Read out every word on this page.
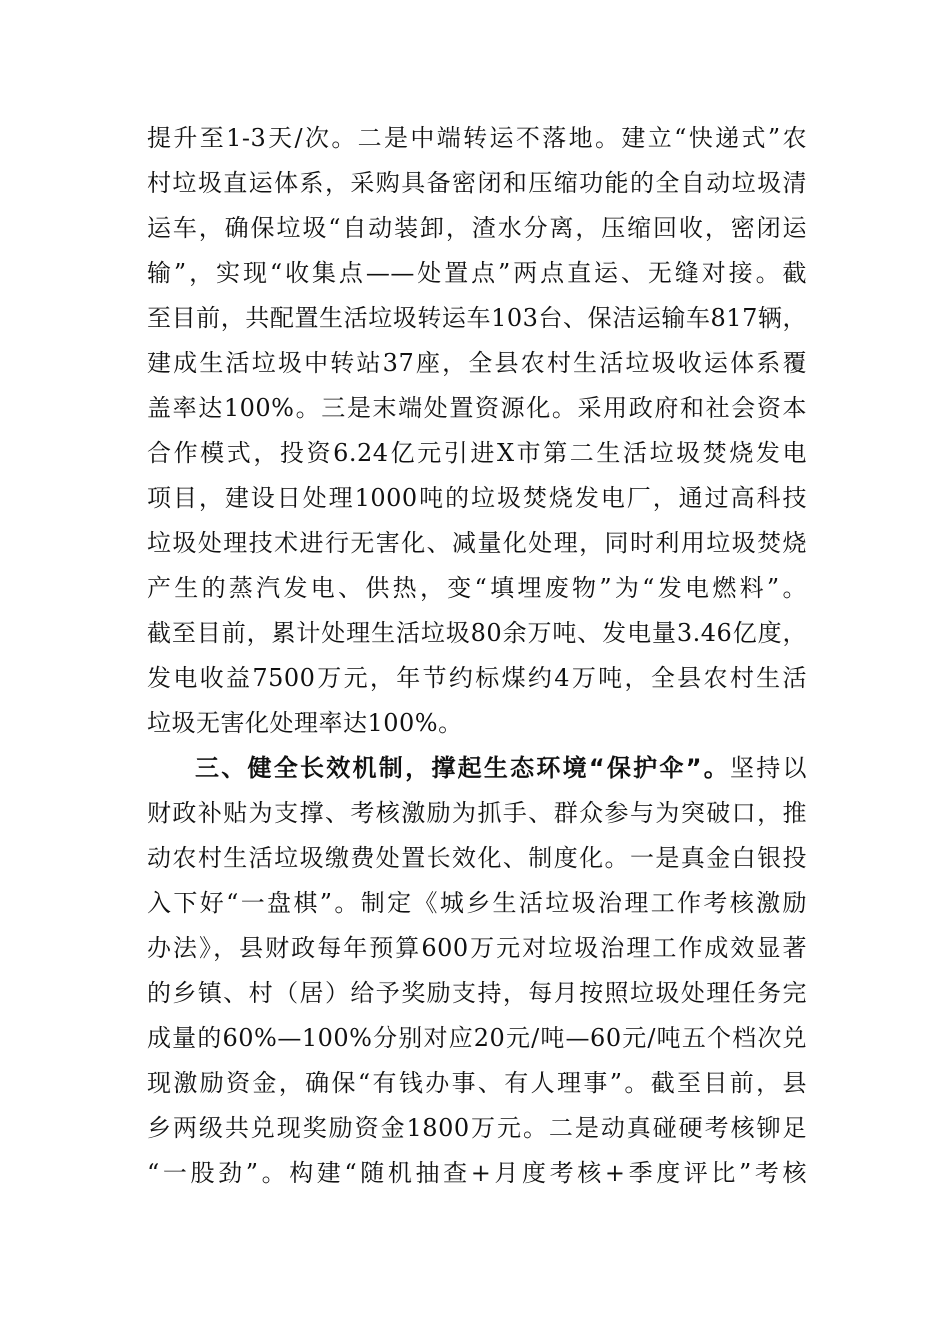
提升至1-3天/次。二是中端转运不落地。建立“快递式”农
村垃圾直运体系，采购具备密闭和压缩功能的全自动垃圾清
运车，确保垃圾“自动装卸，渣水分离，压缩回收，密闭运
输”，实现“收集点——处置点”两点直运、无缝对接。截
至目前，共配置生活垃圾转运车103台、保洁运输车817辆，
建成生活垃圾中转站37座，全县农村生活垃圾收运体系覆
盖率达100%。三是末端处置资源化。采用政府和社会资本
合作模式，投资6.24亿元引进X市第二生活垃圾焚烧发电
项目，建设日处理1000吨的垃圾焚烧发电厂，通过高科技
垃圾处理技术进行无害化、减量化处理，同时利用垃圾焚烧
产生的蒸汽发电、供热，变“填埋废物”为“发电燃料”。
截至目前，累计处理生活垃圾80余万吨、发电量3.46亿度，
发电收益7500万元，年节约标煤约4万吨，全县农村生活
垃圾无害化处理率达100%。
三、健全长效机制，撑起生态环境“保护伞”。坚持以
财政补贴为支撑、考核激励为抓手、群众参与为突破口，推
动农村生活垃圾缴费处置长效化、制度化。一是真金白银投
入下好“一盘棋”。制定《城乡生活垃圾治理工作考核激励
办法》，县财政每年预算600万元对垃圾治理工作成效显著
的乡镇、村（居）给予奖励支持，每月按照垃圾处理任务完
成量的60%—100%分别对应20元/吨—60元/吨五个档次兑
现激励资金，确保“有钱办事、有人理事”。截至目前，县
乡两级共兑现奖励资金1800万元。二是动真碰硬考核铆足
“一股劲”。构建“随机抽查+月度考核+季度评比”考核
